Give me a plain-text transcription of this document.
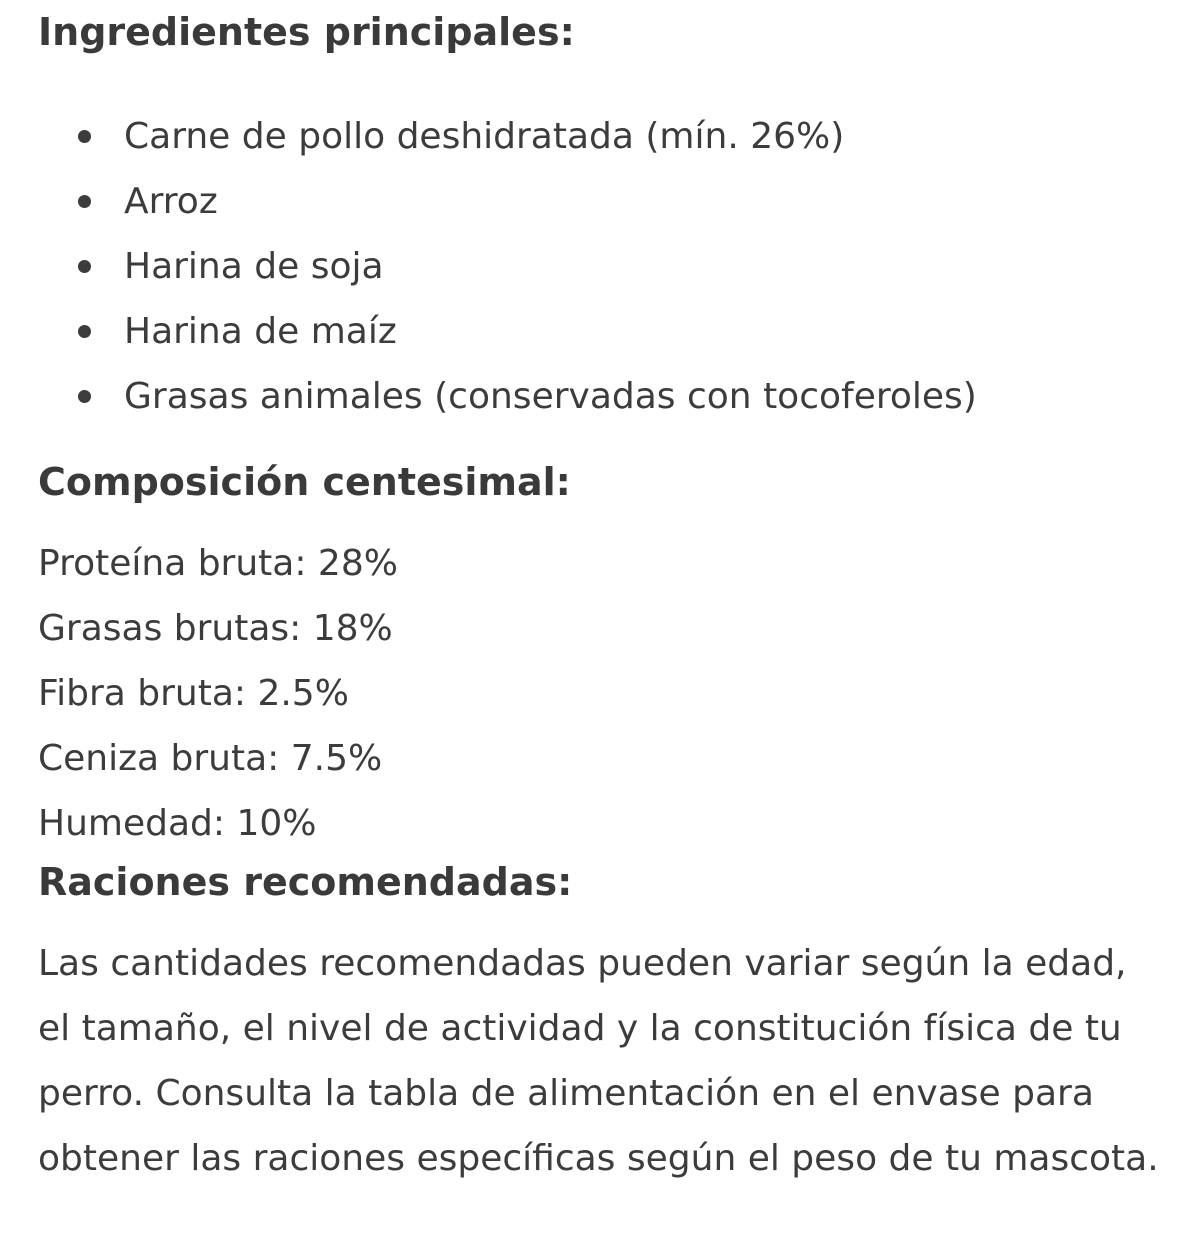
Ingredientes principales:
Carne de pollo deshidratada (mín. 26%)
Arroz
Harina de soja
Harina de maíz
Grasas animales (conservadas con tocoferoles)
Composición centesimal:
Proteína bruta: 28%
Grasas brutas: 18%
Fibra bruta: 2.5%
Ceniza bruta: 7.5%
Humedad: 10%
Raciones recomendadas:

Las cantidades recomendadas pueden variar según la edad, el tamaño, el nivel de actividad y la constitución física de tu perro. Consulta la tabla de alimentación en el envase para obtener las raciones específicas según el peso de tu mascota.
